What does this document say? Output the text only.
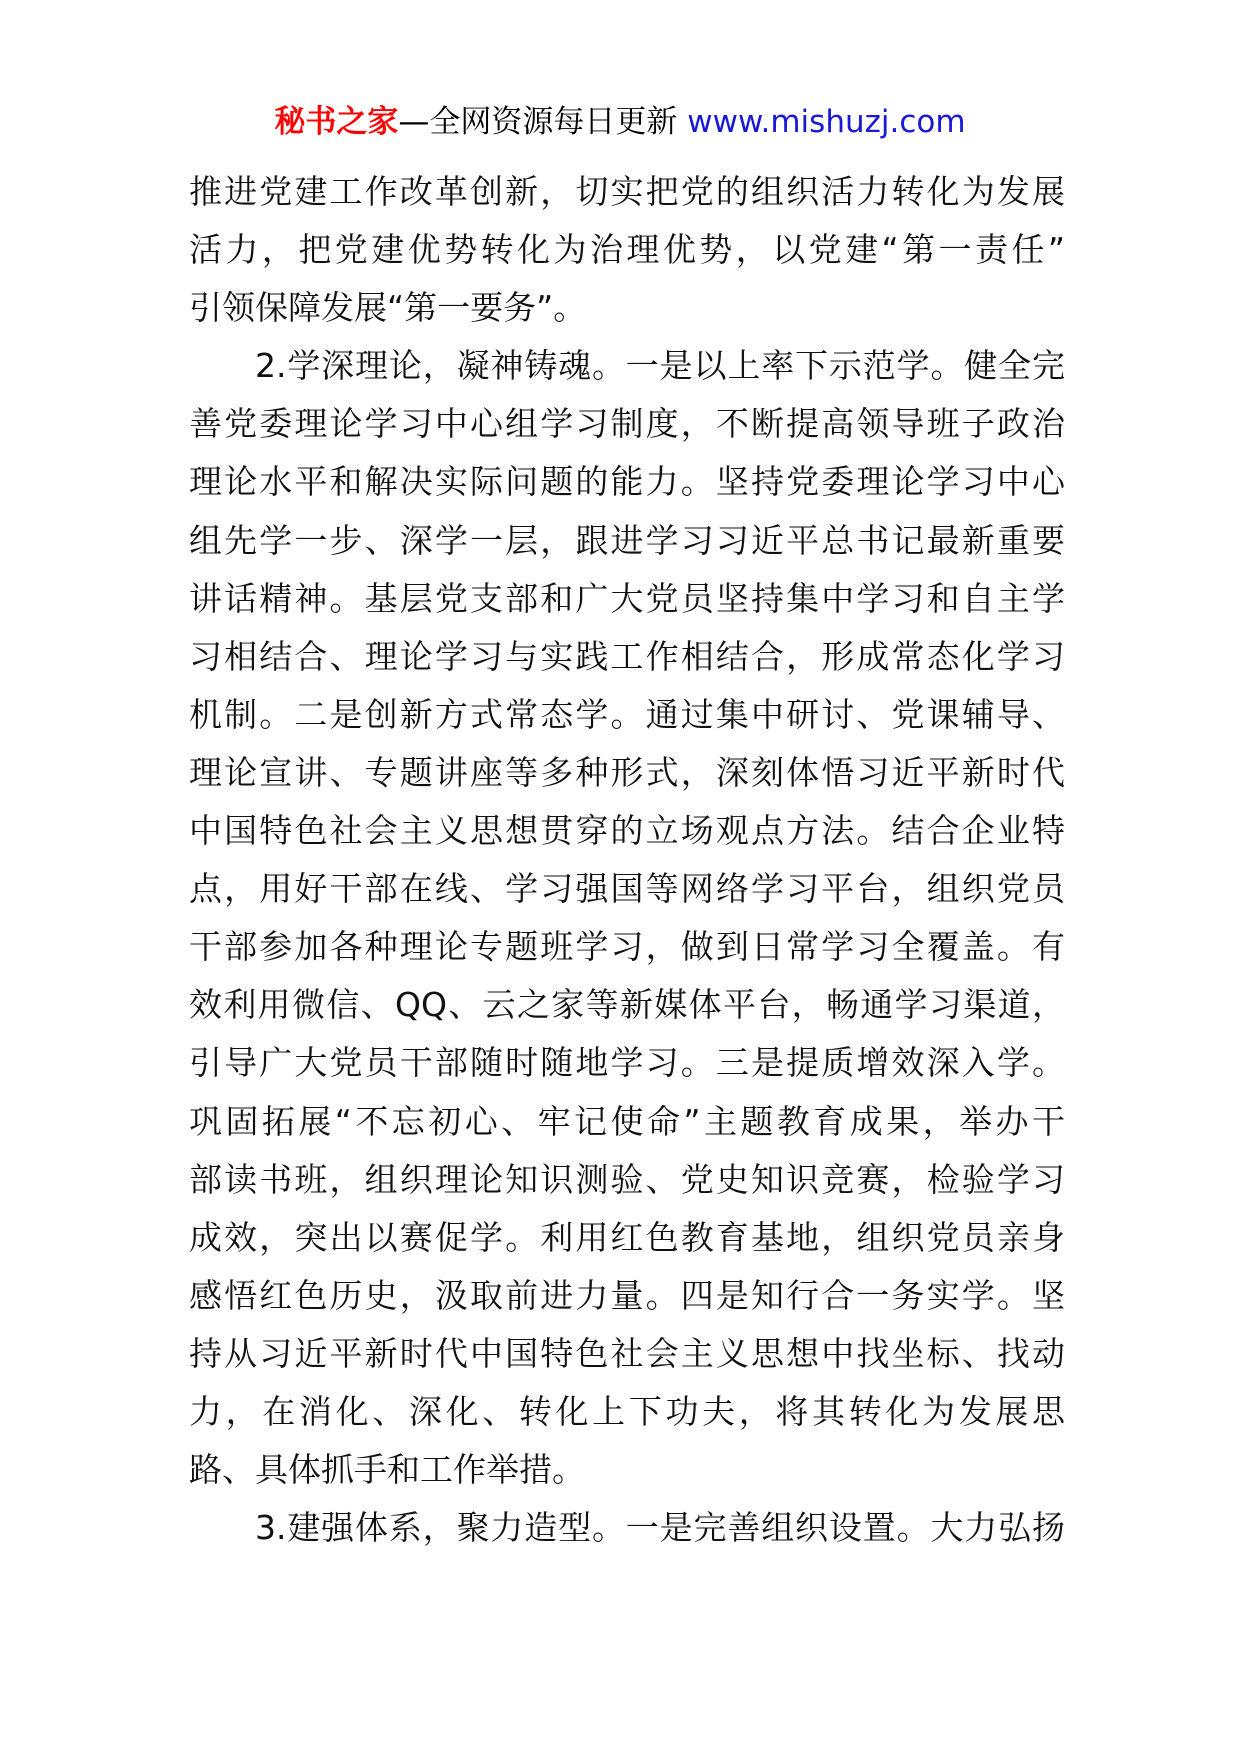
秘书之家—全网资源每日更新 www.mishuzj.com
推进党建工作改革创新，切实把党的组织活力转化为发展
活力，把党建优势转化为治理优势，以党建“第一责任”
引领保障发展“第一要务”。
2.学深理论，凝神铸魂。一是以上率下示范学。健全完
善党委理论学习中心组学习制度，不断提高领导班子政治
理论水平和解决实际问题的能力。坚持党委理论学习中心
组先学一步、深学一层，跟进学习习近平总书记最新重要
讲话精神。基层党支部和广大党员坚持集中学习和自主学
习相结合、理论学习与实践工作相结合，形成常态化学习
机制。二是创新方式常态学。通过集中研讨、党课辅导、
理论宣讲、专题讲座等多种形式，深刻体悟习近平新时代
中国特色社会主义思想贯穿的立场观点方法。结合企业特
点，用好干部在线、学习强国等网络学习平台，组织党员
干部参加各种理论专题班学习，做到日常学习全覆盖。有
效利用微信、QQ、云之家等新媒体平台，畅通学习渠道，
引导广大党员干部随时随地学习。三是提质增效深入学。
巩固拓展“不忘初心、牢记使命”主题教育成果，举办干
部读书班，组织理论知识测验、党史知识竞赛，检验学习
成效，突出以赛促学。利用红色教育基地，组织党员亲身
感悟红色历史，汲取前进力量。四是知行合一务实学。坚
持从习近平新时代中国特色社会主义思想中找坐标、找动
力，在消化、深化、转化上下功夫，将其转化为发展思
路、具体抓手和工作举措。
3.建强体系，聚力造型。一是完善组织设置。大力弘扬
